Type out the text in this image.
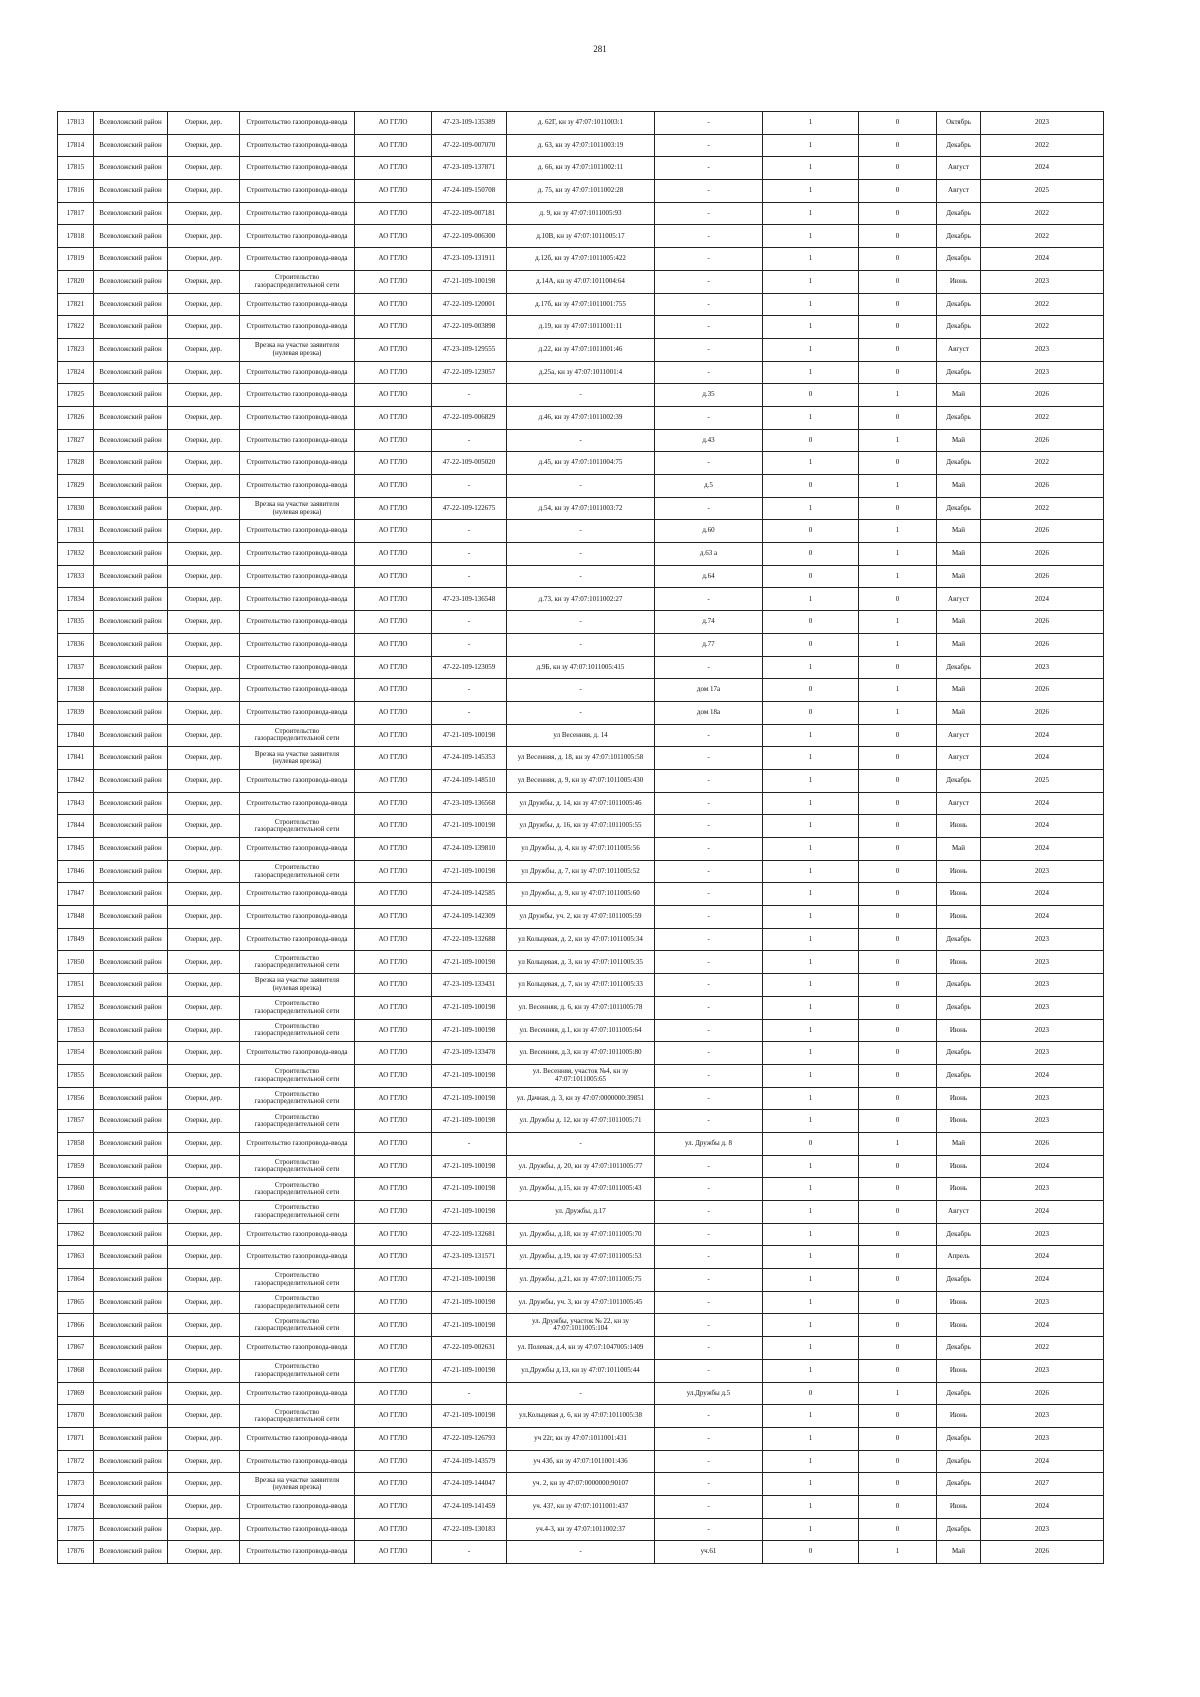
281
17813	Всеволожский район	Озерки, дер.	Строительство газопровода-ввода	АО ГГЛО	47-23-109-135389	д. 62Г, кн зу 47:07:1011003:1	-	1	0	Октябрь	2023
17814	Всеволожский район	Озерки, дер.	Строительство газопровода-ввода	АО ГГЛО	47-22-109-007070	д. 63, кн зу 47:07:1011003:19	-	1	0	Декабрь	2022
17815	Всеволожский район	Озерки, дер.	Строительство газопровода-ввода	АО ГГЛО	47-23-109-137871	д. 66, кн зу 47:07:1011002:11	-	1	0	Август	2024
17816	Всеволожский район	Озерки, дер.	Строительство газопровода-ввода	АО ГГЛО	47-24-109-150708	д. 75, кн зу 47:07:1011002:28	-	1	0	Август	2025
17817	Всеволожский район	Озерки, дер.	Строительство газопровода-ввода	АО ГГЛО	47-22-109-007181	д. 9, кн зу 47:07:1011005:93	-	1	0	Декабрь	2022
17818	Всеволожский район	Озерки, дер.	Строительство газопровода-ввода	АО ГГЛО	47-22-109-006300	д.10В, кн зу 47:07:1011005:17	-	1	0	Декабрь	2022
17819	Всеволожский район	Озерки, дер.	Строительство газопровода-ввода	АО ГГЛО	47-23-109-131911	д.12б, кн зу 47:07:1011005:422	-	1	0	Декабрь	2024
17820	Всеволожский район	Озерки, дер.	Строительство газораспределительной сети	АО ГГЛО	47-21-109-100198	д.14А, кн зу 47:07:1011004:64	-	1	0	Июнь	2023
17821	Всеволожский район	Озерки, дер.	Строительство газопровода-ввода	АО ГГЛО	47-22-109-120001	д.17б, кн зу 47:07:1011001:755	-	1	0	Декабрь	2022
17822	Всеволожский район	Озерки, дер.	Строительство газопровода-ввода	АО ГГЛО	47-22-109-003898	д.19, кн зу 47:07:1011001:11	-	1	0	Декабрь	2022
17823	Всеволожский район	Озерки, дер.	Врезка на участке заявителя (нулевая врезка)	АО ГГЛО	47-23-109-129555	д.22, кн зу 47:07:1011001:46	-	1	0	Август	2023
17824	Всеволожский район	Озерки, дер.	Строительство газопровода-ввода	АО ГГЛО	47-22-109-123057	д.25а, кн зу 47:07:1011001:4	-	1	0	Декабрь	2023
17825	Всеволожский район	Озерки, дер.	Строительство газопровода-ввода	АО ГГЛО	-	-	д.35	0	1	Май	2026
17826	Всеволожский район	Озерки, дер.	Строительство газопровода-ввода	АО ГГЛО	47-22-109-006829	д.46, кн зу 47:07:1011002:39	-	1	0	Декабрь	2022
17827	Всеволожский район	Озерки, дер.	Строительство газопровода-ввода	АО ГГЛО	-	-	д.43	0	1	Май	2026
17828	Всеволожский район	Озерки, дер.	Строительство газопровода-ввода	АО ГГЛО	47-22-109-005020	д.45, кн зу 47:07:1011004:75	-	1	0	Декабрь	2022
17829	Всеволожский район	Озерки, дер.	Строительство газопровода-ввода	АО ГГЛО	-	-	д.5	0	1	Май	2026
17830	Всеволожский район	Озерки, дер.	Врезка на участке заявителя (нулевая врезка)	АО ГГЛО	47-22-109-122675	д.54, кн зу 47:07:1011003:72	-	1	0	Декабрь	2022
17831	Всеволожский район	Озерки, дер.	Строительство газопровода-ввода	АО ГГЛО	-	-	д.60	0	1	Май	2026
17832	Всеволожский район	Озерки, дер.	Строительство газопровода-ввода	АО ГГЛО	-	-	д.63 а	0	1	Май	2026
17833	Всеволожский район	Озерки, дер.	Строительство газопровода-ввода	АО ГГЛО	-	-	д.64	0	1	Май	2026
17834	Всеволожский район	Озерки, дер.	Строительство газопровода-ввода	АО ГГЛО	47-23-109-136548	д.73, кн зу 47:07:1011002:27	-	1	0	Август	2024
17835	Всеволожский район	Озерки, дер.	Строительство газопровода-ввода	АО ГГЛО	-	-	д.74	0	1	Май	2026
17836	Всеволожский район	Озерки, дер.	Строительство газопровода-ввода	АО ГГЛО	-	-	д.77	0	1	Май	2026
17837	Всеволожский район	Озерки, дер.	Строительство газопровода-ввода	АО ГГЛО	47-22-109-123059	д.9Б, кн зу 47:07:1011005:415	-	1	0	Декабрь	2023
17838	Всеволожский район	Озерки, дер.	Строительство газопровода-ввода	АО ГГЛО	-	-	дом 17а	0	1	Май	2026
17839	Всеволожский район	Озерки, дер.	Строительство газопровода-ввода	АО ГГЛО	-	-	дом 18а	0	1	Май	2026
17840	Всеволожский район	Озерки, дер.	Строительство газораспределительной сети	АО ГГЛО	47-21-109-100198	ул Весенняя, д. 14	-	1	0	Август	2024
17841	Всеволожский район	Озерки, дер.	Врезка на участке заявителя (нулевая врезка)	АО ГГЛО	47-24-109-145353	ул Весенняя, д. 18, кн зу 47:07:1011005:58	-	1	0	Август	2024
17842	Всеволожский район	Озерки, дер.	Строительство газопровода-ввода	АО ГГЛО	47-24-109-148510	ул Весенняя, д. 9, кн зу 47:07:1011005:430	-	1	0	Декабрь	2025
17843	Всеволожский район	Озерки, дер.	Строительство газопровода-ввода	АО ГГЛО	47-23-109-136568	ул Дружбы, д. 14, кн зу 47:07:1011005:46	-	1	0	Август	2024
17844	Всеволожский район	Озерки, дер.	Строительство газораспределительной сети	АО ГГЛО	47-21-109-100198	ул Дружбы, д. 16, кн зу 47:07:1011005:55	-	1	0	Июнь	2024
17845	Всеволожский район	Озерки, дер.	Строительство газопровода-ввода	АО ГГЛО	47-24-109-139810	ул Дружбы, д. 4, кн зу 47:07:1011005:56	-	1	0	Май	2024
17846	Всеволожский район	Озерки, дер.	Строительство газораспределительной сети	АО ГГЛО	47-21-109-100198	ул Дружбы, д. 7, кн зу 47:07:1011005:52	-	1	0	Июнь	2023
17847	Всеволожский район	Озерки, дер.	Строительство газопровода-ввода	АО ГГЛО	47-24-109-142585	ул Дружбы, д. 9, кн зу 47:07:1011005:60	-	1	0	Июнь	2024
17848	Всеволожский район	Озерки, дер.	Строительство газопровода-ввода	АО ГГЛО	47-24-109-142309	ул Дружбы, уч. 2, кн зу 47:07:1011005:59	-	1	0	Июнь	2024
17849	Всеволожский район	Озерки, дер.	Строительство газопровода-ввода	АО ГГЛО	47-22-109-132688	ул Кольцевая, д. 2, кн зу 47:07:1011005:34	-	1	0	Декабрь	2023
17850	Всеволожский район	Озерки, дер.	Строительство газораспределительной сети	АО ГГЛО	47-21-109-100198	ул Кольцевая, д. 3, кн зу 47:07:1011005:35	-	1	0	Июнь	2023
17851	Всеволожский район	Озерки, дер.	Врезка на участке заявителя (нулевая врезка)	АО ГГЛО	47-23-109-133431	ул Кольцевая, д. 7, кн зу 47:07:1011005:33	-	1	0	Декабрь	2023
17852	Всеволожский район	Озерки, дер.	Строительство газораспределительной сети	АО ГГЛО	47-21-109-100198	ул. Весенняя, д. 6, кн зу 47:07:1011005:78	-	1	0	Декабрь	2023
17853	Всеволожский район	Озерки, дер.	Строительство газораспределительной сети	АО ГГЛО	47-21-109-100198	ул. Весенняя, д.1, кн зу 47:07:1011005:64	-	1	0	Июнь	2023
17854	Всеволожский район	Озерки, дер.	Строительство газопровода-ввода	АО ГГЛО	47-23-109-133478	ул. Весенняя, д.3, кн зу 47:07:1011005:80	-	1	0	Декабрь	2023
17855	Всеволожский район	Озерки, дер.	Строительство газораспределительной сети	АО ГГЛО	47-21-109-100198	ул. Весенняя, участок №4, кн зу 47:07:1011005:65	-	1	0	Декабрь	2024
17856	Всеволожский район	Озерки, дер.	Строительство газораспределительной сети	АО ГГЛО	47-21-109-100198	ул. Дачная, д. 3, кн зу 47:07:0000000:39851	-	1	0	Июнь	2023
17857	Всеволожский район	Озерки, дер.	Строительство газораспределительной сети	АО ГГЛО	47-21-109-100198	ул. Дружбы д. 12, кн зу 47:07:1011005:71	-	1	0	Июнь	2023
17858	Всеволожский район	Озерки, дер.	Строительство газопровода-ввода	АО ГГЛО	-	-	ул. Дружбы д. 8	0	1	Май	2026
17859	Всеволожский район	Озерки, дер.	Строительство газораспределительной сети	АО ГГЛО	47-21-109-100198	ул. Дружбы, д. 20, кн зу 47:07:1011005:77	-	1	0	Июнь	2024
17860	Всеволожский район	Озерки, дер.	Строительство газораспределительной сети	АО ГГЛО	47-21-109-100198	ул. Дружбы, д.15, кн зу 47:07:1011005:43	-	1	0	Июнь	2023
17861	Всеволожский район	Озерки, дер.	Строительство газораспределительной сети	АО ГГЛО	47-21-109-100198	ул. Дружбы, д.17	-	1	0	Август	2024
17862	Всеволожский район	Озерки, дер.	Строительство газопровода-ввода	АО ГГЛО	47-22-109-132681	ул. Дружбы, д.18, кн зу 47:07:1011005:70	-	1	0	Декабрь	2023
17863	Всеволожский район	Озерки, дер.	Строительство газопровода-ввода	АО ГГЛО	47-23-109-131571	ул. Дружбы, д.19, кн зу 47:07:1011005:53	-	1	0	Апрель	2024
17864	Всеволожский район	Озерки, дер.	Строительство газораспределительной сети	АО ГГЛО	47-21-109-100198	ул. Дружбы, д.21, кн зу 47:07:1011005:75	-	1	0	Декабрь	2024
17865	Всеволожский район	Озерки, дер.	Строительство газораспределительной сети	АО ГГЛО	47-21-109-100198	ул. Дружбы, уч. 3, кн зу 47:07:1011005:45	-	1	0	Июнь	2023
17866	Всеволожский район	Озерки, дер.	Строительство газораспределительной сети	АО ГГЛО	47-21-109-100198	ул. Дружбы, участок № 22, кн зу 47:07:1011005:104	-	1	0	Июнь	2024
17867	Всеволожский район	Озерки, дер.	Строительство газопровода-ввода	АО ГГЛО	47-22-109-002631	ул. Полевая, д.4, кн зу 47:07:1047005:1409	-	1	0	Декабрь	2022
17868	Всеволожский район	Озерки, дер.	Строительство газораспределительной сети	АО ГГЛО	47-21-109-100198	ул.Дружбы д.13, кн зу 47:07:1011005:44	-	1	0	Июнь	2023
17869	Всеволожский район	Озерки, дер.	Строительство газопровода-ввода	АО ГГЛО	-	-	ул.Дружбы д.5	0	1	Декабрь	2026
17870	Всеволожский район	Озерки, дер.	Строительство газораспределительной сети	АО ГГЛО	47-21-109-100198	ул.Кольцевая д. 6, кн зу 47:07:1011005:38	-	1	0	Июнь	2023
17871	Всеволожский район	Озерки, дер.	Строительство газопровода-ввода	АО ГГЛО	47-22-109-126793	уч 22г, кн зу 47:07:1011001:431	-	1	0	Декабрь	2023
17872	Всеволожский район	Озерки, дер.	Строительство газопровода-ввода	АО ГГЛО	47-24-109-143579	уч 43б, кн зу 47:07:1011001:436	-	1	0	Декабрь	2024
17873	Всеволожский район	Озерки, дер.	Врезка на участке заявителя (нулевая врезка)	АО ГГЛО	47-24-109-144047	уч. 2, кн зу 47:07:0000000:90107	-	1	0	Декабрь	2027
17874	Всеволожский район	Озерки, дер.	Строительство газопровода-ввода	АО ГГЛО	47-24-109-141459	уч. 43?, кн зу 47:07:1011001:437	-	1	0	Июнь	2024
17875	Всеволожский район	Озерки, дер.	Строительство газопровода-ввода	АО ГГЛО	47-22-109-130183	уч.4-3, кн зу 47:07:1011002:37	-	1	0	Декабрь	2023
17876	Всеволожский район	Озерки, дер.	Строительство газопровода-ввода	АО ГГЛО	-	-	уч.61	0	1	Май	2026
